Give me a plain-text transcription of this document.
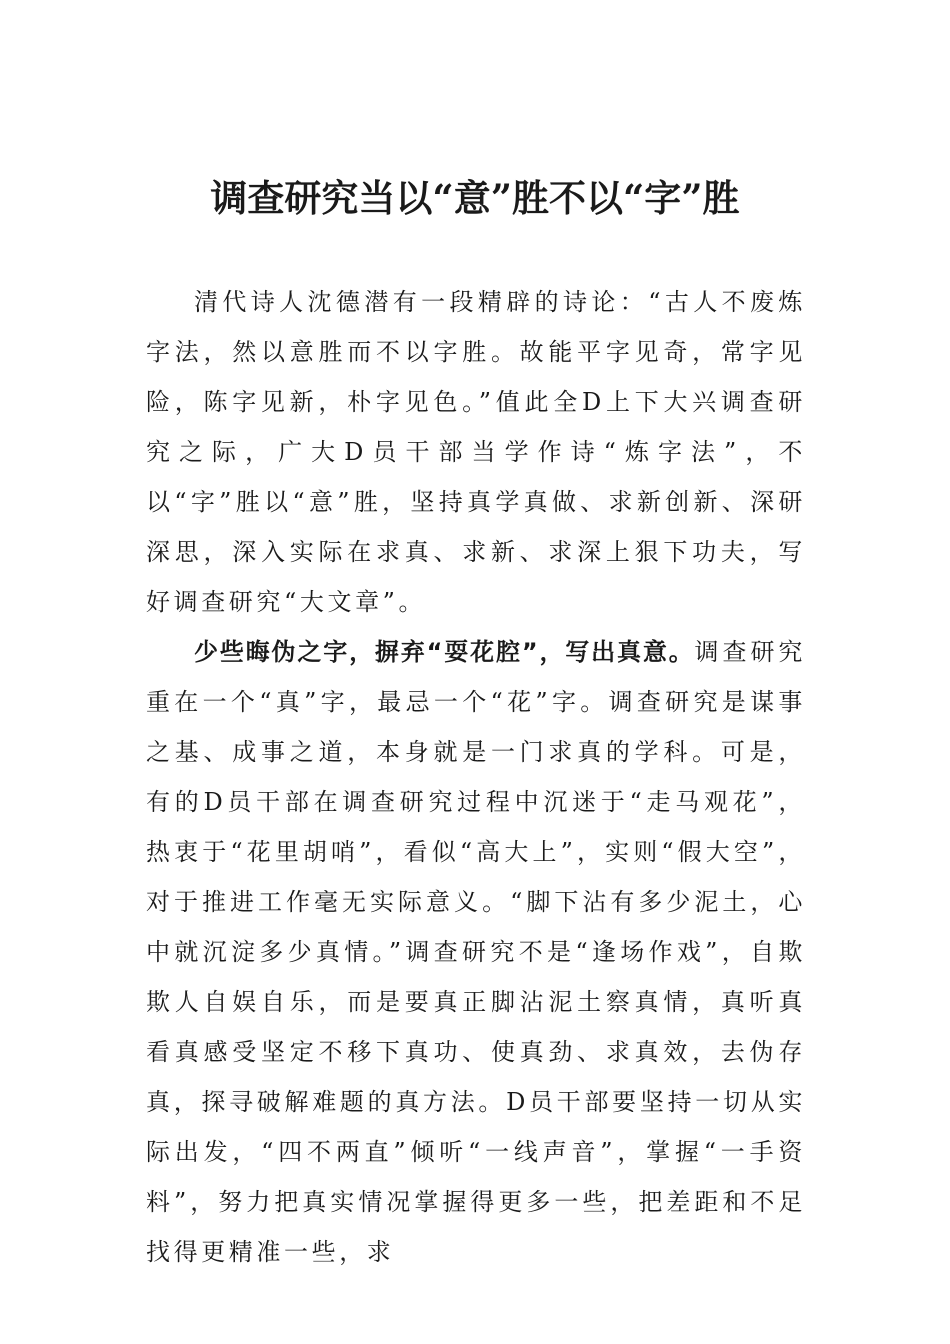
调查研究当以“意”胜不以“字”胜

清代诗人沈德潜有一段精辟的诗论：“古人不废炼字法，然以意胜而不以字胜。故能平字见奇，常字见险，陈字见新，朴字见色。”值此全D上下大兴调查研究之际，广大D员干部当学作诗“炼字法”，不以“字”胜以“意”胜，坚持真学真做、求新创新、深研深思，深入实际在求真、求新、求深上狠下功夫，写好调查研究“大文章”。

少些晦伪之字，摒弃“耍花腔”，写出真意。调查研究重在一个“真”字，最忌一个“花”字。调查研究是谋事之基、成事之道，本身就是一门求真的学科。可是，有的D员干部在调查研究过程中沉迷于“走马观花”，热衷于“花里胡哨”，看似“高大上”，实则“假大空”，对于推进工作毫无实际意义。“脚下沾有多少泥土，心中就沉淀多少真情。”调查研究不是“逢场作戏”，自欺欺人自娱自乐，而是要真正脚沾泥土察真情，真听真看真感受坚定不移下真功、使真劲、求真效，去伪存真，探寻破解难题的真方法。D员干部要坚持一切从实际出发，“四不两直”倾听“一线声音”，掌握“一手资料”，努力把真实情况掌握得更多一些，把差距和不足找得更精准一些，求
